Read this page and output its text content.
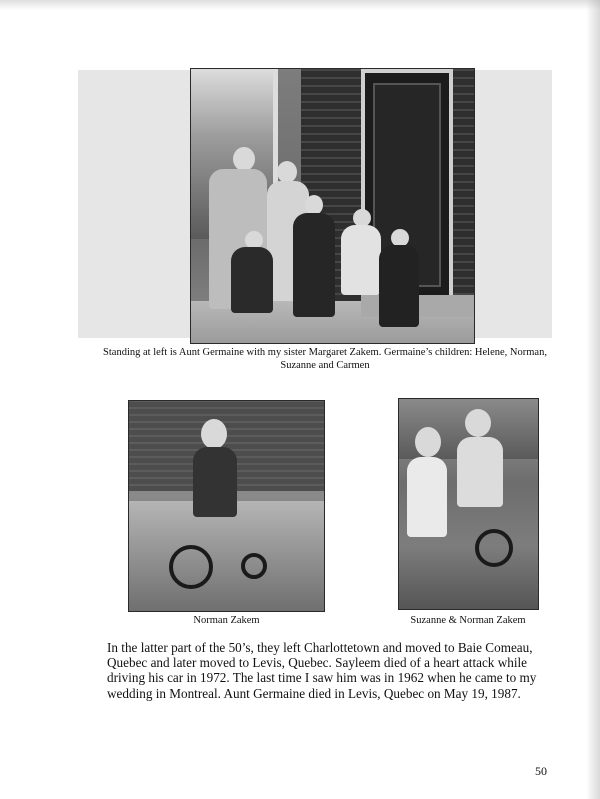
Standing at left is Aunt Germaine with my sister Margaret Zakem. Germaine’s children: Helene, Norman,
Suzanne and Carmen
Norman Zakem	Suzanne & Norman Zakem
In the latter part of the 50’s, they left Charlottetown and moved to Baie Comeau, Quebec and later moved to Levis, Quebec. Sayleem died of a heart attack while driving his car in 1972. The last time I saw him was in 1962 when he came to my wedding in Montreal. Aunt Germaine died in Levis, Quebec on May 19, 1987.
50
